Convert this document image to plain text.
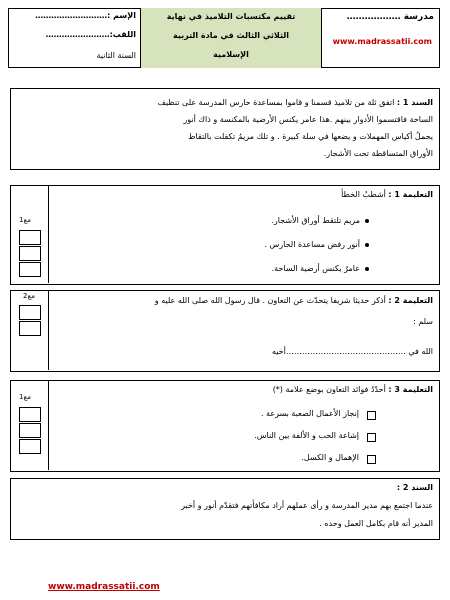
مدرسة ………………
www.madrassatii.com
تقييم مكتسبات التلاميذ في نهاية
الثلاثي الثالث في مادة التربية
الإسلامية
الإسم :………………………
اللقب:……………………
السنة الثانية
السند 1 : اتفق ثلة من تلاميذ قسمنا و قاموا بمساعدة حارس المدرسة على تنظيف
الساحة فاقتسموا الأدوار بينهم .هذا عامر يكنس الأرضية بالمكنسة و ذاك أنور
يحملُ أكياس المهملات و يضعها في سلة كبيرة . و تلك مريمُ تكفلت بالتقاط
الأوراق المتساقطة تحت الأشجار.
مع1
التعليمة 1 : أشطبُ الخطأ
مريم تلتقط أوراق الأشجار.
أنور رفض مساعدة الحارس .
عامرٌ يكنس أرضية الساحة.
مع2	التعليمة 2 : أذكر حديثا شريفا يتحدّث عن التعاون . قال رسول الله صلى الله عليه و
سلم :
الله في ………………………………………أخيه
مع1
التعليمة 3 : أحدّدُ فوائد التعاون بوضع علامة (*)
إنجاز الأعمال الصعبة بسرعة .
إشاعة الحب و الألفة بين الناس.
الإهمال و الكسل.
السند 2 :
عندما اجتمع بهم مدير المدرسة و رأى عملهم أراد مكافأتهم فتقدّم أنور و أخبر
المدير أنه قام بكامل العمل وحده .
www.madrassatii.com
